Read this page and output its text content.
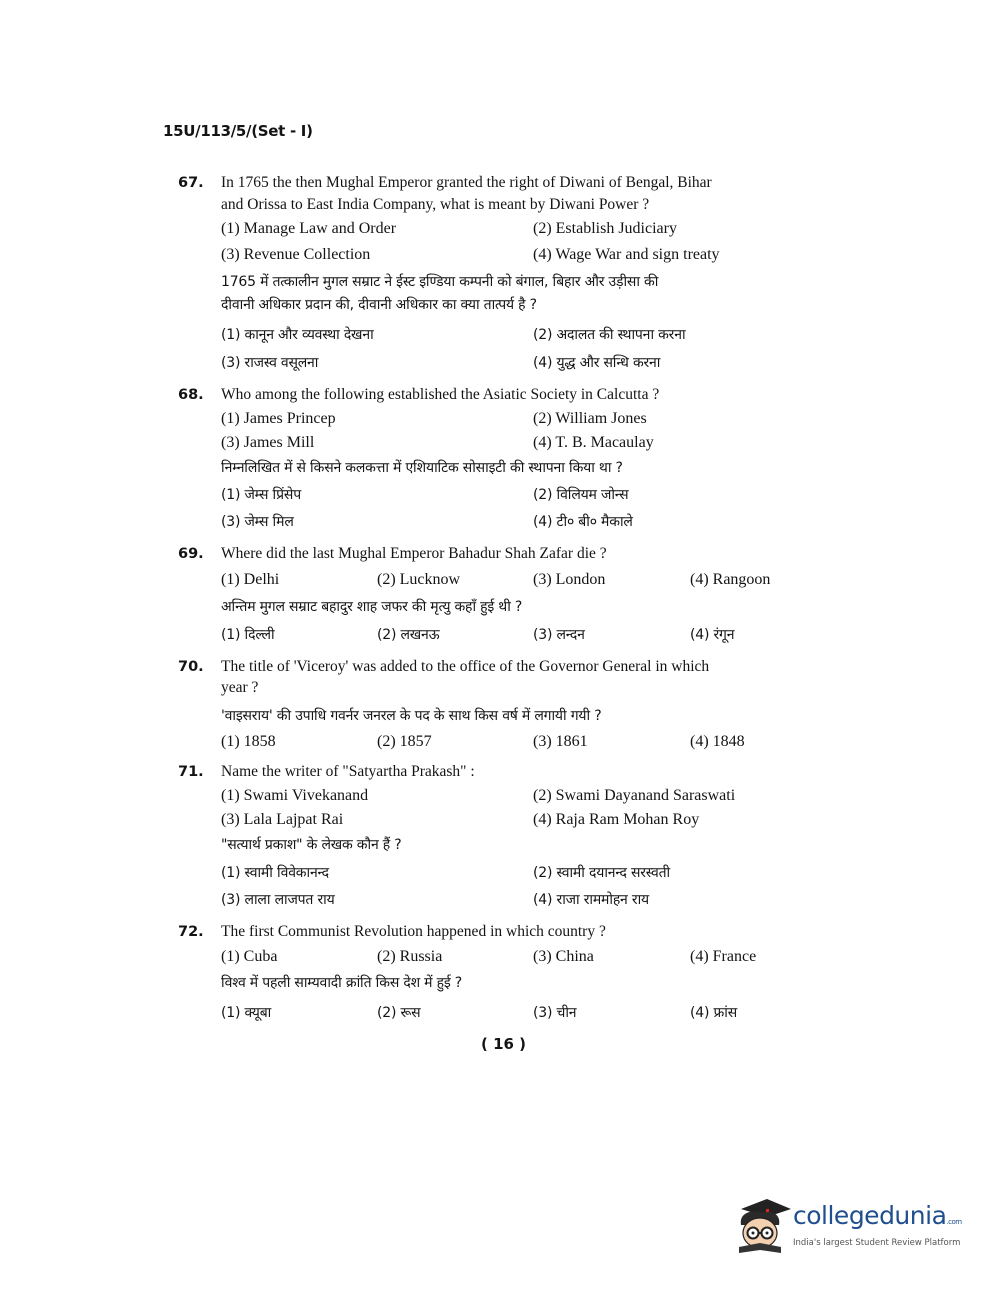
15U/113/5/(Set - I)
67. In 1765 the then Mughal Emperor granted the right of Diwani of Bengal, Bihar
and Orissa to East India Company, what is meant by Diwani Power ?
(1) Manage Law and Order	(2) Establish Judiciary
(3) Revenue Collection	(4) Wage War and sign treaty
1765 में तत्कालीन मुगल सम्राट ने ईस्ट इण्डिया कम्पनी को बंगाल, बिहार और उड़ीसा की
दीवानी अधिकार प्रदान की, दीवानी अधिकार का क्या तात्पर्य है ?
(1) कानून और व्यवस्था देखना	(2) अदालत की स्थापना करना
(3) राजस्व वसूलना	(4) युद्ध और सन्धि करना
68. Who among the following established the Asiatic Society in Calcutta ?
(1) James Princep	(2) William Jones
(3) James Mill	(4) T. B. Macaulay
निम्नलिखित में से किसने कलकत्ता में एशियाटिक सोसाइटी की स्थापना किया था ?
(1) जेम्स प्रिंसेप	(2) विलियम जोन्स
(3) जेम्स मिल	(4) टी० बी० मैकाले
69. Where did the last Mughal Emperor Bahadur Shah Zafar die ?
(1) Delhi	(2) Lucknow	(3) London	(4) Rangoon
अन्तिम मुगल सम्राट बहादुर शाह जफर की मृत्यु कहाँ हुई थी ?
(1) दिल्ली	(2) लखनऊ	(3) लन्दन	(4) रंगून
70. The title of 'Viceroy' was added to the office of the Governor General in which
year ?
'वाइसराय' की उपाधि गवर्नर जनरल के पद के साथ किस वर्ष में लगायी गयी ?
(1) 1858	(2) 1857	(3) 1861	(4) 1848
71. Name the writer of "Satyartha Prakash" :
(1) Swami Vivekanand	(2) Swami Dayanand Saraswati
(3) Lala Lajpat Rai	(4) Raja Ram Mohan Roy
"सत्यार्थ प्रकाश" के लेखक कौन हैं ?
(1) स्वामी विवेकानन्द	(2) स्वामी दयानन्द सरस्वती
(3) लाला लाजपत राय	(4) राजा राममोहन राय
72. The first Communist Revolution happened in which country ?
(1) Cuba	(2) Russia	(3) China	(4) France
विश्व में पहली साम्यवादी क्रांति किस देश में हुई ?
(1) क्यूबा	(2) रूस	(3) चीन	(4) फ्रांस
( 16 )
collegedunia.com
India's largest Student Review Platform
